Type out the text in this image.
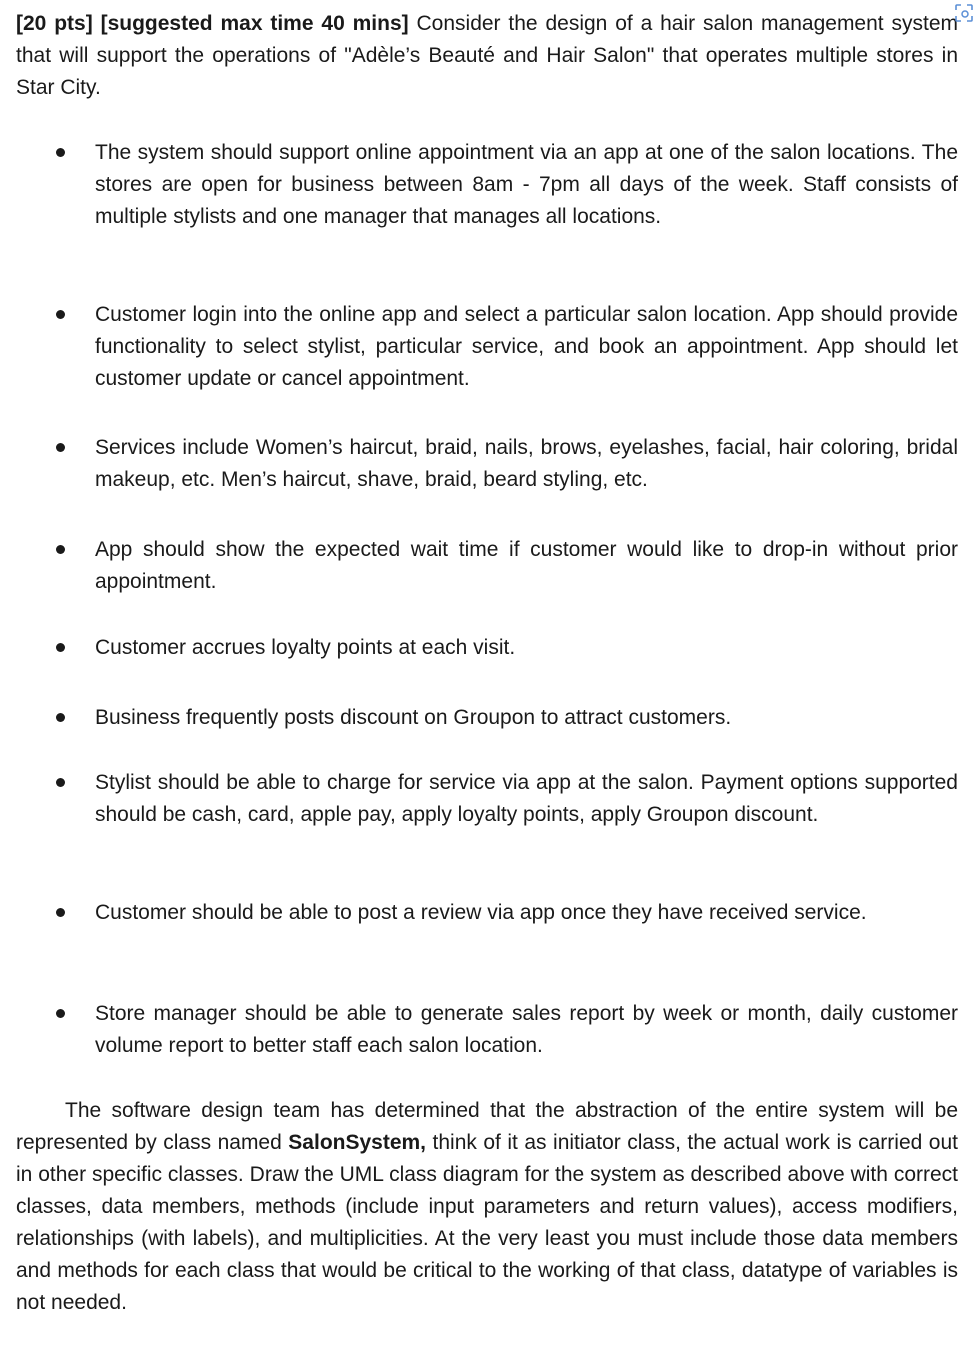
[20 pts] [suggested max time 40 mins] Consider the design of a hair salon management system that will support the operations of "Adèle’s Beauté and Hair Salon" that operates multiple stores in Star City.

The system should support online appointment via an app at one of the salon locations. The stores are open for business between 8am - 7pm all days of the week. Staff consists of multiple stylists and one manager that manages all locations.
Customer login into the online app and select a particular salon location. App should provide functionality to select stylist, particular service, and book an appointment. App should let customer update or cancel appointment.
Services include Women’s haircut, braid, nails, brows, eyelashes, facial, hair coloring, bridal makeup, etc. Men’s haircut, shave, braid, beard styling, etc.
App should show the expected wait time if customer would like to drop-in without prior appointment.
Customer accrues loyalty points at each visit.
Business frequently posts discount on Groupon to attract customers.
Stylist should be able to charge for service via app at the salon. Payment options supported should be cash, card, apple pay, apply loyalty points, apply Groupon discount.
Customer should be able to post a review via app once they have received service.
Store manager should be able to generate sales report by week or month, daily customer volume report to better staff each salon location.

The software design team has determined that the abstraction of the entire system will be represented by class named SalonSystem, think of it as initiator class, the actual work is carried out in other specific classes. Draw the UML class diagram for the system as described above with correct classes, data members, methods (include input parameters and return values), access modifiers, relationships (with labels), and multiplicities. At the very least you must include those data members and methods for each class that would be critical to the working of that class, datatype of variables is not needed.
